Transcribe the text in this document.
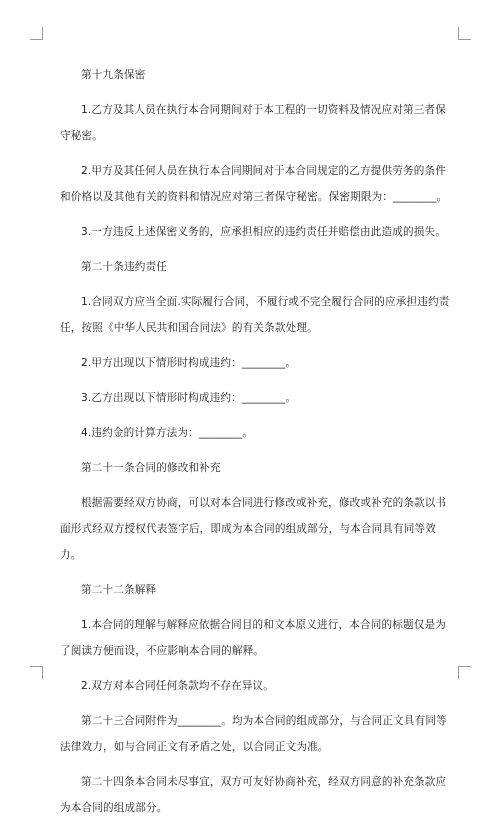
第十九条保密

1.乙方及其人员在执行本合同期间对于本工程的一切资料及情况应对第三者保守秘密。

2.甲方及其任何人员在执行本合同期间对于本合同规定的乙方提供劳务的条件和价格以及其他有关的资料和情况应对第三者保守秘密。保密期限为：________。

3.一方违反上述保密义务的，应承担相应的违约责任并赔偿由此造成的损失。

第二十条违约责任

1.合同双方应当全面.实际履行合同，不履行或不完全履行合同的应承担违约责任，按照《中华人民共和国合同法》的有关条款处理。

2.甲方出现以下情形时构成违约：________。

3.乙方出现以下情形时构成违约：________。

4.违约金的计算方法为：________。

第二十一条合同的修改和补充

根据需要经双方协商，可以对本合同进行修改或补充，修改或补充的条款以书面形式经双方授权代表签字后，即成为本合同的组成部分，与本合同具有同等效力。

第二十二条解释

1.本合同的理解与解释应依据合同目的和文本原义进行，本合同的标题仅是为了阅读方便而设，不应影响本合同的解释。

2.双方对本合同任何条款均不存在异议。

第二十三合同附件为________。均为本合同的组成部分，与合同正文具有同等法律效力，如与合同正文有矛盾之处，以合同正文为准。

第二十四条本合同未尽事宜，双方可友好协商补充，经双方同意的补充条款应为本合同的组成部分。
